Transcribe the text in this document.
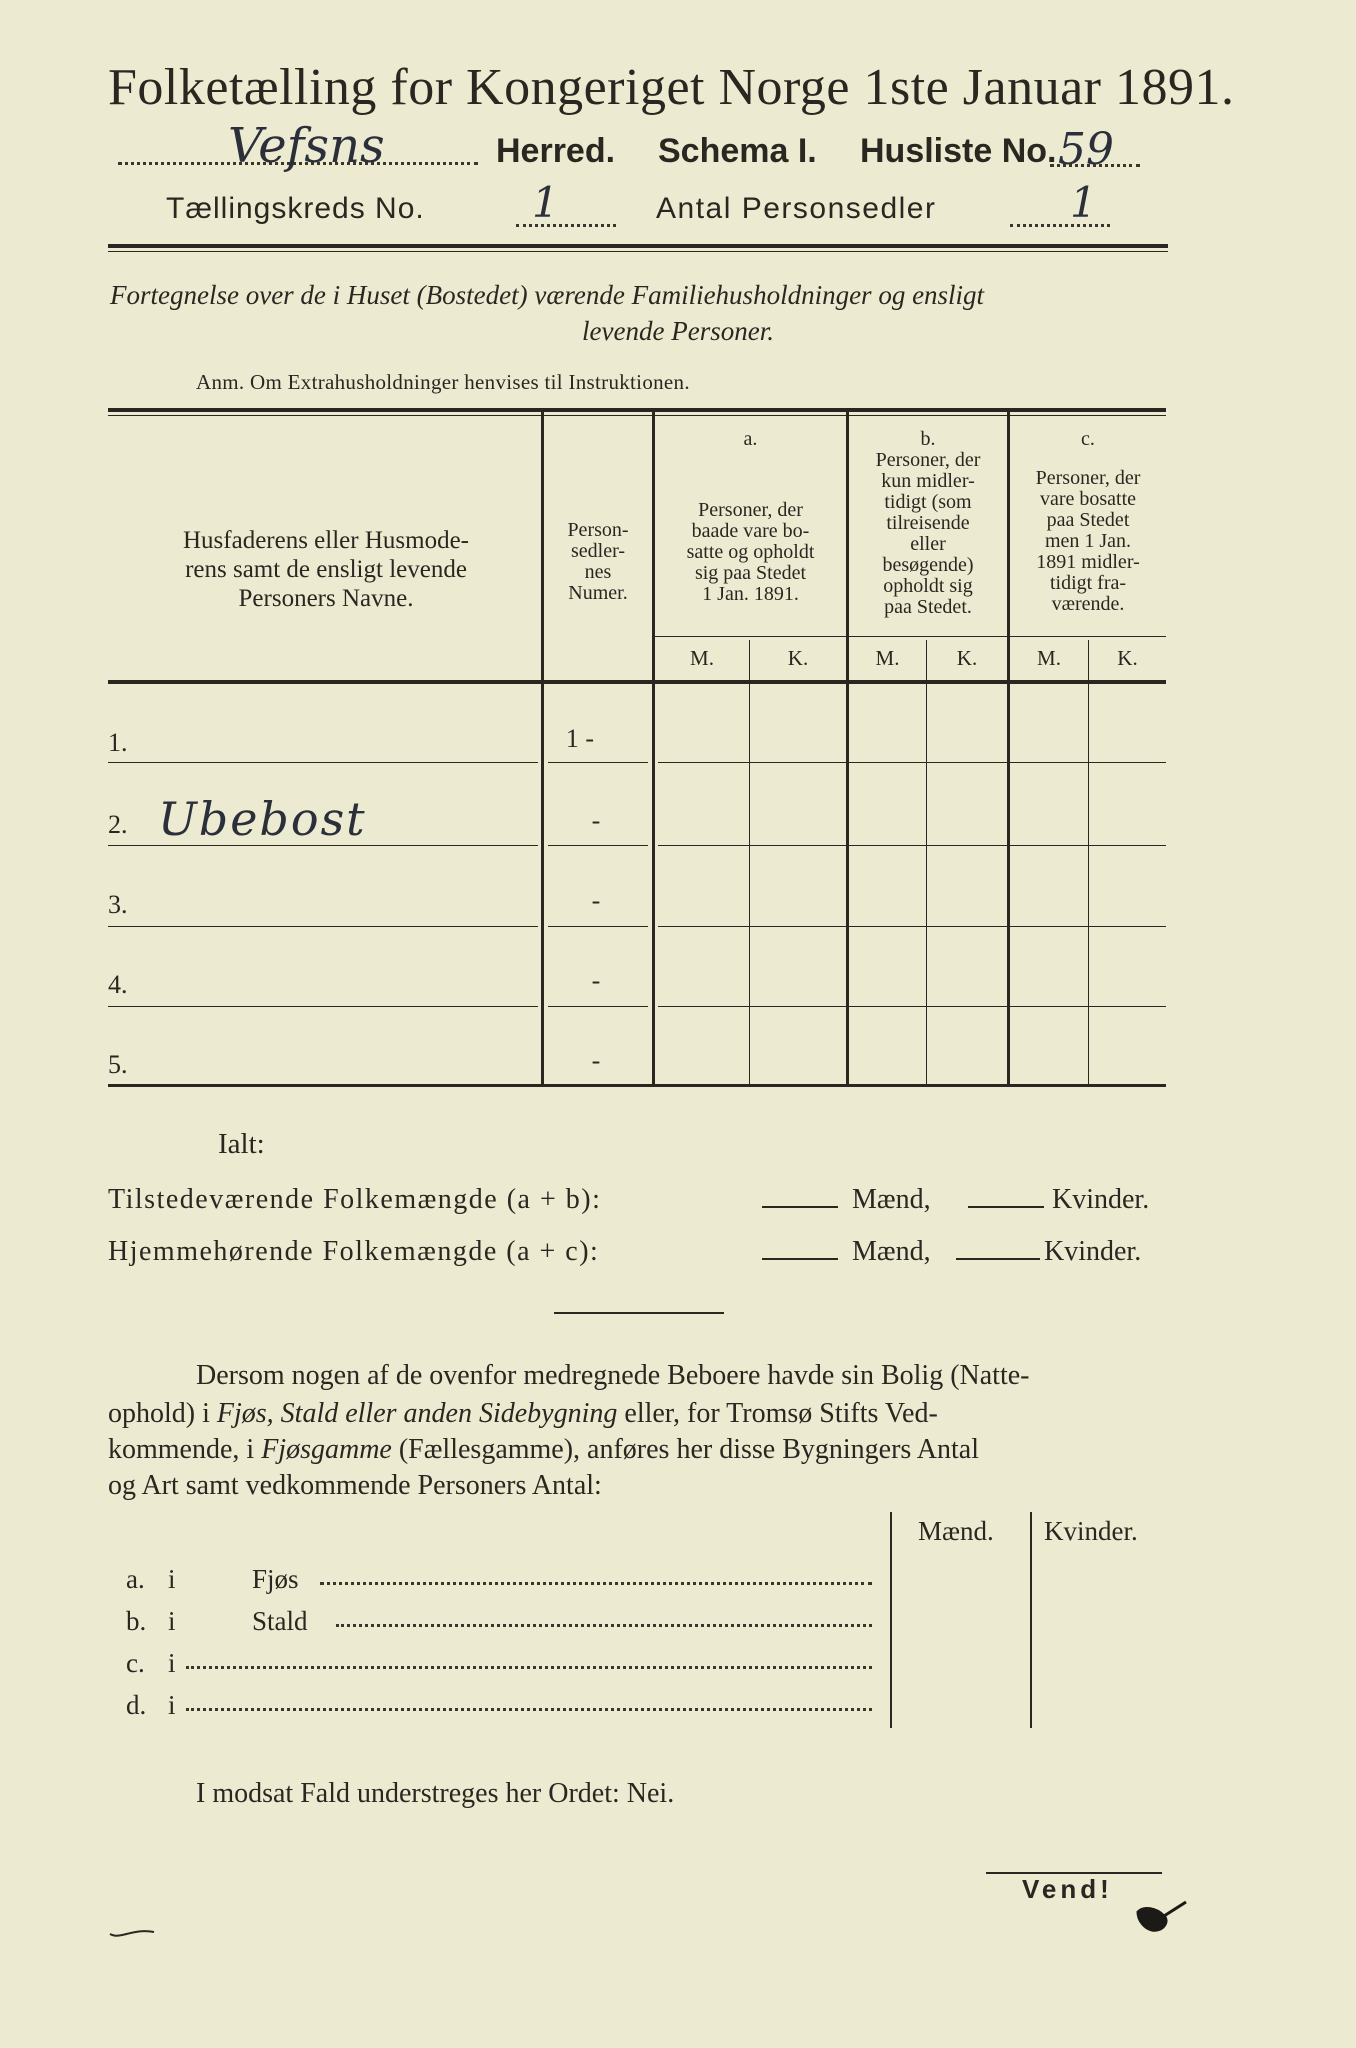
Folketælling for Kongeriget Norge 1ste Januar 1891.
Vefsns	Herred. Schema I. Husliste No. 59
Tællingskreds No.	1	Antal Personsedler	1
Fortegnelse over de i Huset (Bostedet) værende Familiehusholdninger og ensligt
levende Personer.
Anm. Om Extrahusholdninger henvises til Instruktionen.
Husfaderens eller Husmode-
rens samt de ensligt levende
Personers Navne.
Person-
sedler-
nes
Numer.
a.
Personer, der
baade vare bo-
satte og opholdt
sig paa Stedet
1 Jan. 1891.
b.
Personer, der
kun midler-
tidigt (som
tilreisende
eller
besøgende)
opholdt sig
paa Stedet.
c.
Personer, der
vare bosatte
paa Stedet
men 1 Jan.
1891 midler-
tidigt fra-
værende.
M.	K.	M.	K.	M.	K.
1.	1 -
2. Ubebost	-
3.	-
4.	-
5.	-
Ialt:
Tilstedeværende Folkemængde (a + b):	Mænd,	Kvinder.
Hjemmehørende Folkemængde (a + c):	Mænd,	Kvinder.
Dersom nogen af de ovenfor medregnede Beboere havde sin Bolig (Natte-
ophold) i Fjøs, Stald eller anden Sidebygning eller, for Tromsø Stifts Ved-
kommende, i Fjøsgamme (Fællesgamme), anføres her disse Bygningers Antal
og Art samt vedkommende Personers Antal:
Mænd. Kvinder.
a. i	Fjøs
b. i	Stald
c. i
d. i
I modsat Fald understreges her Ordet: Nei.
Vend!
